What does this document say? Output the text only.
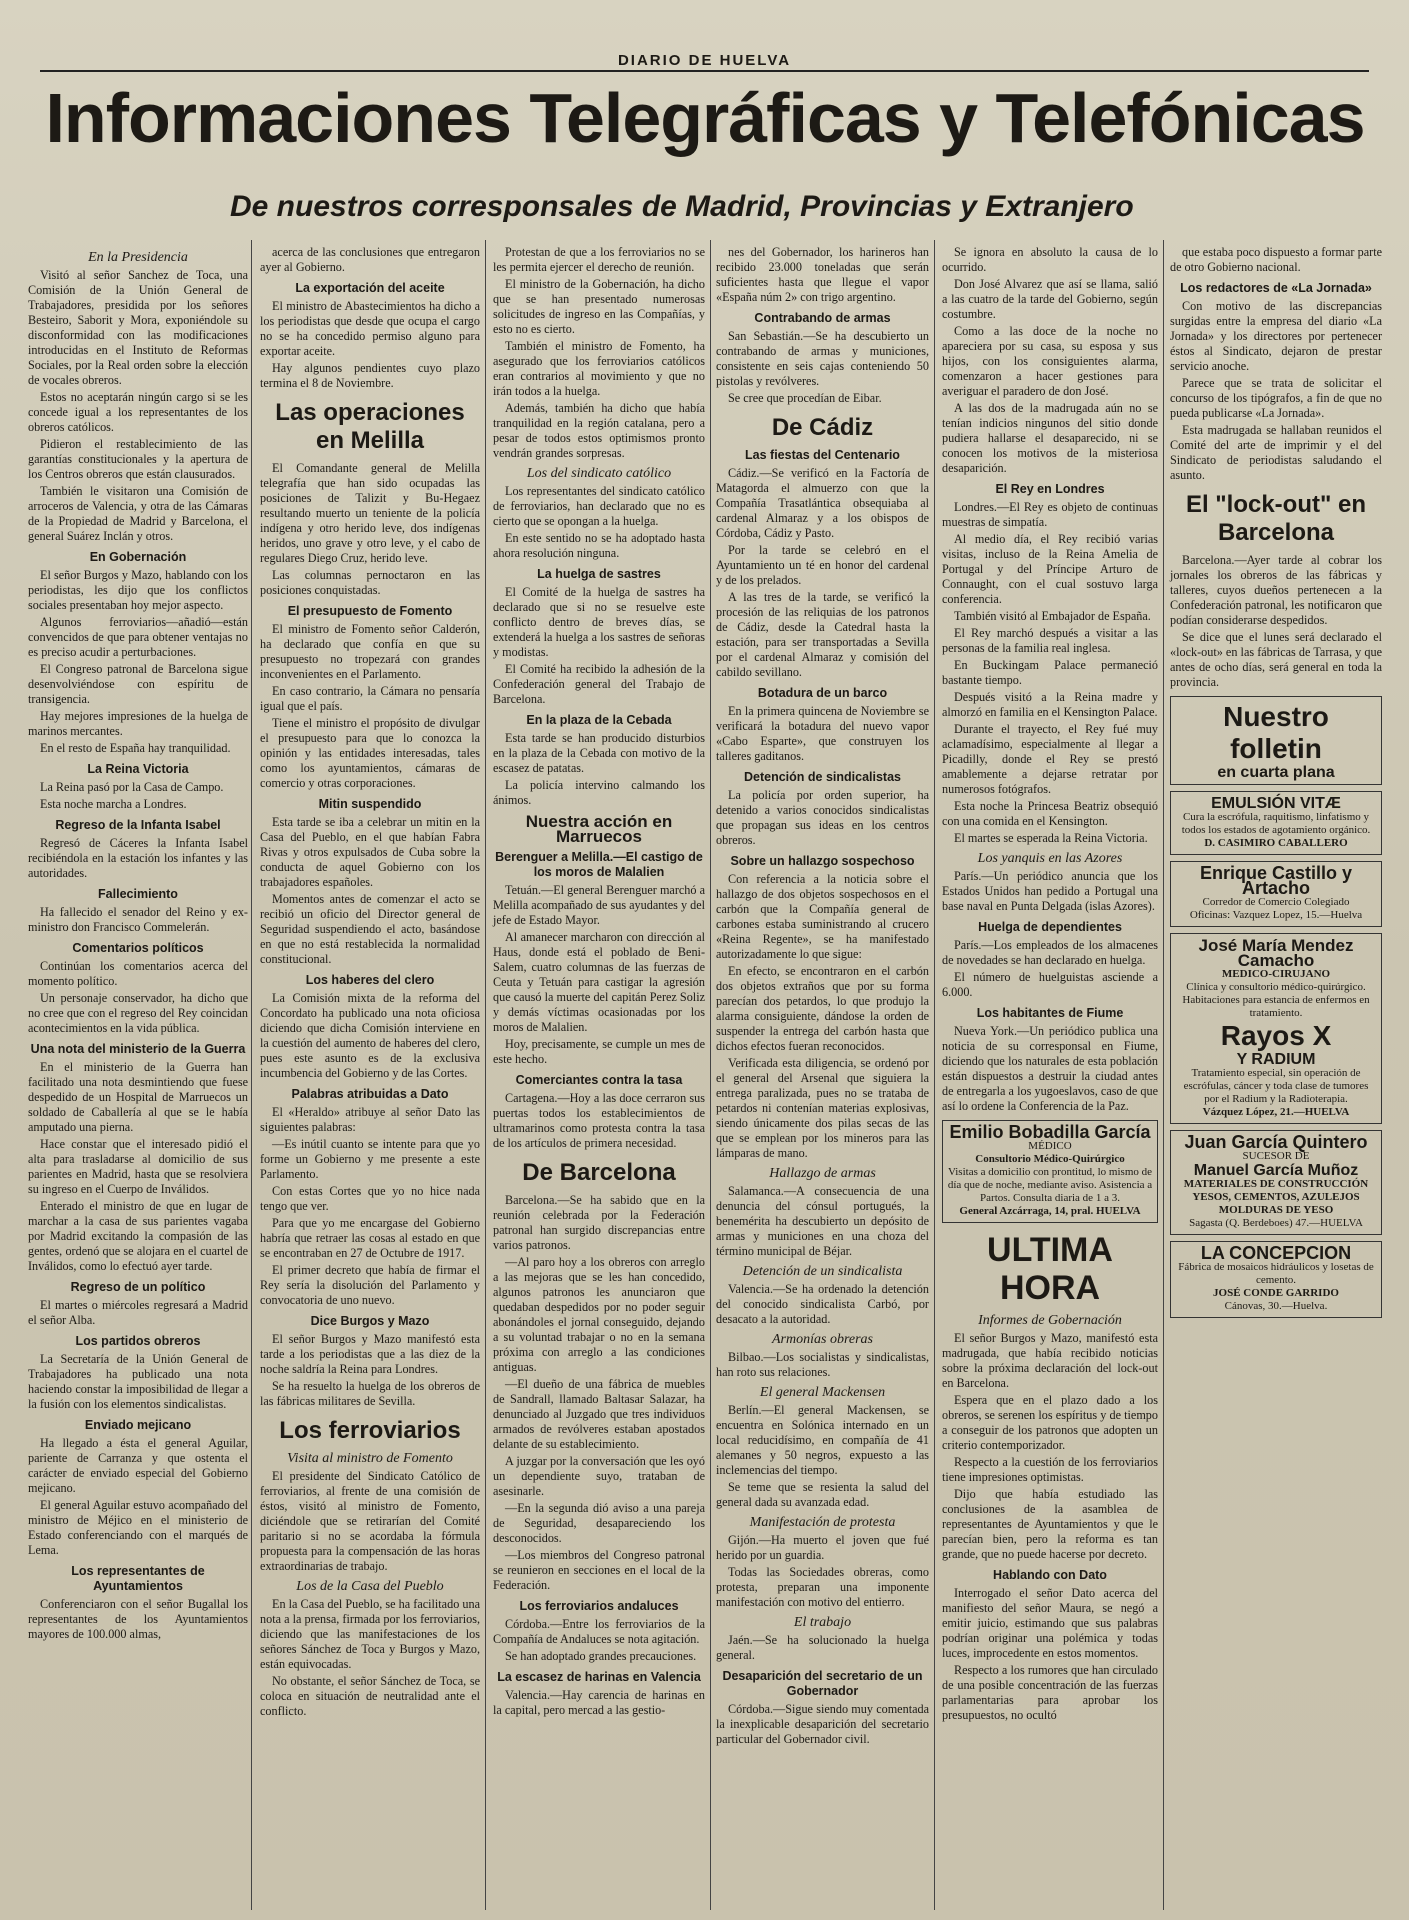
DIARIO DE HUELVA
Informaciones Telegráficas y Telefónicas
De nuestros corresponsales de Madrid, Provincias y Extranjero
En la Presidencia

Visitó al señor Sanchez de Toca, una Comisión de la Unión General de Trabajadores, presidida por los señores Besteiro, Saborit y Mora, exponiéndole su disconformidad con las modificaciones introducidas en el Instituto de Reformas Sociales, por la Real orden sobre la elección de vocales obreros.

Estos no aceptarán ningún cargo si se les concede igual a los representantes de los obreros católicos.

Pidieron el restablecimiento de las garantías constitucionales y la apertura de los Centros obreros que están clausurados.

También le visitaron una Comisión de arroceros de Valencia, y otra de las Cámaras de la Propiedad de Madrid y Barcelona, el general Suárez Inclán y otros.

En Gobernación

El señor Burgos y Mazo, hablando con los periodistas, les dijo que los conflictos sociales presentaban hoy mejor aspecto.

Algunos ferroviarios—añadió—están convencidos de que para obtener ventajas no es preciso acudir a perturbaciones.

El Congreso patronal de Barcelona sigue desenvolviéndose con espíritu de transigencia.

Hay mejores impresiones de la huelga de marinos mercantes.

En el resto de España hay tranquilidad.

La Reina Victoria

La Reina pasó por la Casa de Campo.

Esta noche marcha a Londres.

Regreso de la Infanta Isabel

Regresó de Cáceres la Infanta Isabel recibiéndola en la estación los infantes y las autoridades.

Fallecimiento

Ha fallecido el senador del Reino y ex-ministro don Francisco Commelerán.

Comentarios políticos

Continúan los comentarios acerca del momento político.

Un personaje conservador, ha dicho que no cree que con el regreso del Rey coincidan acontecimientos en la vida pública.

Una nota del ministerio de la Guerra

En el ministerio de la Guerra han facilitado una nota desmintiendo que fuese despedido de un Hospital de Marruecos un soldado de Caballería al que se le había amputado una pierna.

Hace constar que el interesado pidió el alta para trasladarse al domicilio de sus parientes en Madrid, hasta que se resolviera su ingreso en el Cuerpo de Inválidos.

Enterado el ministro de que en lugar de marchar a la casa de sus parientes vagaba por Madrid excitando la compasión de las gentes, ordenó que se alojara en el cuartel de Inválidos, como lo efectuó ayer tarde.

Regreso de un político

El martes o miércoles regresará a Madrid el señor Alba.

Los partidos obreros

La Secretaría de la Unión General de Trabajadores ha publicado una nota haciendo constar la imposibilidad de llegar a la fusión con los elementos sindicalistas.

Enviado mejicano

Ha llegado a ésta el general Aguilar, pariente de Carranza y que ostenta el carácter de enviado especial del Gobierno mejicano.

El general Aguilar estuvo acompañado del ministro de Méjico en el ministerio de Estado conferenciando con el marqués de Lema.

Los representantes de Ayuntamientos

Conferenciaron con el señor Bugallal los representantes de los Ayuntamientos mayores de 100.000 almas,

acerca de las conclusiones que entregaron ayer al Gobierno.

La exportación del aceite

El ministro de Abastecimientos ha dicho a los periodistas que desde que ocupa el cargo no se ha concedido permiso alguno para exportar aceite.

Hay algunos pendientes cuyo plazo termina el 8 de Noviembre.

Las operaciones en Melilla

El Comandante general de Melilla telegrafía que han sido ocupadas las posiciones de Talizit y Bu-Hegaez resultando muerto un teniente de la policía indígena y otro herido leve, dos indígenas heridos, uno grave y otro leve, y el cabo de regulares Diego Cruz, herido leve.

Las columnas pernoctaron en las posiciones conquistadas.

El presupuesto de Fomento

El ministro de Fomento señor Calderón, ha declarado que confía en que su presupuesto no tropezará con grandes inconvenientes en el Parlamento.

En caso contrario, la Cámara no pensaría igual que el país.

Tiene el ministro el propósito de divulgar el presupuesto para que lo conozca la opinión y las entidades interesadas, tales como los ayuntamientos, cámaras de comercio y otras corporaciones.

Mitin suspendido

Esta tarde se iba a celebrar un mitin en la Casa del Pueblo, en el que habían Fabra Rivas y otros expulsados de Cuba sobre la conducta de aquel Gobierno con los trabajadores españoles.

Momentos antes de comenzar el acto se recibió un oficio del Director general de Seguridad suspendiendo el acto, basándose en que no está restablecida la normalidad constitucional.

Los haberes del clero

La Comisión mixta de la reforma del Concordato ha publicado una nota oficiosa diciendo que dicha Comisión interviene en la cuestión del aumento de haberes del clero, pues este asunto es de la exclusiva incumbencia del Gobierno y de las Cortes.

Palabras atribuidas a Dato

El «Heraldo» atribuye al señor Dato las siguientes palabras:

—Es inútil cuanto se intente para que yo forme un Gobierno y me presente a este Parlamento.

Con estas Cortes que yo no hice nada tengo que ver.

Para que yo me encargase del Gobierno habría que retraer las cosas al estado en que se encontraban en 27 de Octubre de 1917.

El primer decreto que había de firmar el Rey sería la disolución del Parlamento y convocatoria de uno nuevo.

Dice Burgos y Mazo

El señor Burgos y Mazo manifestó esta tarde a los periodistas que a las diez de la noche saldría la Reina para Londres.

Se ha resuelto la huelga de los obreros de las fábricas militares de Sevilla.

Los ferroviarios
Visita al ministro de Fomento

El presidente del Sindicato Católico de ferroviarios, al frente de una comisión de éstos, visitó al ministro de Fomento, diciéndole que se retirarían del Comité paritario si no se acordaba la fórmula propuesta para la compensación de las horas extraordinarias de trabajo.

Los de la Casa del Pueblo

En la Casa del Pueblo, se ha facilitado una nota a la prensa, firmada por los ferroviarios, diciendo que las manifestaciones de los señores Sánchez de Toca y Burgos y Mazo, están equivocadas.

No obstante, el señor Sánchez de Toca, se coloca en situación de neutralidad ante el conflicto.

Protestan de que a los ferroviarios no se les permita ejercer el derecho de reunión.

El ministro de la Gobernación, ha dicho que se han presentado numerosas solicitudes de ingreso en las Compañías, y esto no es cierto.

También el ministro de Fomento, ha asegurado que los ferroviarios católicos eran contrarios al movimiento y que no irán todos a la huelga.

Además, también ha dicho que había tranquilidad en la región catalana, pero a pesar de todos estos optimismos pronto vendrán grandes sorpresas.

Los del sindicato católico

Los representantes del sindicato católico de ferroviarios, han declarado que no es cierto que se opongan a la huelga.

En este sentido no se ha adoptado hasta ahora resolución ninguna.

La huelga de sastres

El Comité de la huelga de sastres ha declarado que si no se resuelve este conflicto dentro de breves días, se extenderá la huelga a los sastres de señoras y modistas.

El Comité ha recibido la adhesión de la Confederación general del Trabajo de Barcelona.

En la plaza de la Cebada

Esta tarde se han producido disturbios en la plaza de la Cebada con motivo de la escasez de patatas.

La policía intervino calmando los ánimos.

Nuestra acción en Marruecos
Berenguer a Melilla.—El castigo de los moros de Malalien

Tetuán.—El general Berenguer marchó a Melilla acompañado de sus ayudantes y del jefe de Estado Mayor.

Al amanecer marcharon con dirección al Haus, donde está el poblado de Beni-Salem, cuatro columnas de las fuerzas de Ceuta y Tetuán para castigar la agresión que causó la muerte del capitán Perez Soliz y demás víctimas ocasionadas por los moros de Malalien.

Hoy, precisamente, se cumple un mes de este hecho.

Comerciantes contra la tasa

Cartagena.—Hoy a las doce cerraron sus puertas todos los establecimientos de ultramarinos como protesta contra la tasa de los artículos de primera necesidad.

De Barcelona

Barcelona.—Se ha sabido que en la reunión celebrada por la Federación patronal han surgido discrepancias entre varios patronos.

—Al paro hoy a los obreros con arreglo a las mejoras que se les han concedido, algunos patronos les anunciaron que quedaban despedidos por no poder seguir abonándoles el jornal conseguido, dejando a su voluntad trabajar o no en la semana próxima con arreglo a las condiciones antiguas.

—El dueño de una fábrica de muebles de Sandrall, llamado Baltasar Salazar, ha denunciado al Juzgado que tres individuos armados de revólveres estaban apostados delante de su establecimiento.

A juzgar por la conversación que les oyó un dependiente suyo, trataban de asesinarle.

—En la segunda dió aviso a una pareja de Seguridad, desapareciendo los desconocidos.

—Los miembros del Congreso patronal se reunieron en secciones en el local de la Federación.

Los ferroviarios andaluces

Córdoba.—Entre los ferroviarios de la Compañía de Andaluces se nota agitación.

Se han adoptado grandes precauciones.

La escasez de harinas en Valencia

Valencia.—Hay carencia de harinas en la capital, pero mercad a las gestio-

nes del Gobernador, los harineros han recibido 23.000 toneladas que serán suficientes hasta que llegue el vapor «España núm 2» con trigo argentino.

Contrabando de armas

San Sebastián.—Se ha descubierto un contrabando de armas y municiones, consistente en seis cajas conteniendo 50 pistolas y revólveres.

Se cree que procedían de Eibar.

De Cádiz
Las fiestas del Centenario

Cádiz.—Se verificó en la Factoría de Matagorda el almuerzo con que la Compañía Trasatlántica obsequiaba al cardenal Almaraz y a los obispos de Córdoba, Cádiz y Pasto.

Por la tarde se celebró en el Ayuntamiento un té en honor del cardenal y de los prelados.

A las tres de la tarde, se verificó la procesión de las reliquias de los patronos de Cádiz, desde la Catedral hasta la estación, para ser transportadas a Sevilla por el cardenal Almaraz y comisión del cabildo sevillano.

Botadura de un barco

En la primera quincena de Noviembre se verificará la botadura del nuevo vapor «Cabo Esparte», que construyen los talleres gaditanos.

Detención de sindicalistas

La policía por orden superior, ha detenido a varios conocidos sindicalistas que propagan sus ideas en los centros obreros.

Sobre un hallazgo sospechoso

Con referencia a la noticia sobre el hallazgo de dos objetos sospechosos en el carbón que la Compañía general de carbones estaba suministrando al crucero «Reina Regente», se ha manifestado autorizadamente lo que sigue:

En efecto, se encontraron en el carbón dos objetos extraños que por su forma parecían dos petardos, lo que produjo la alarma consiguiente, dándose la orden de suspender la entrega del carbón hasta que dichos efectos fueran reconocidos.

Verificada esta diligencia, se ordenó por el general del Arsenal que siguiera la entrega paralizada, pues no se trataba de petardos ni contenían materias explosivas, siendo únicamente dos pilas secas de las que se emplean por los mineros para las lámparas de mano.

Hallazgo de armas

Salamanca.—A consecuencia de una denuncia del cónsul portugués, la benemérita ha descubierto un depósito de armas y municiones en una choza del término municipal de Béjar.

Detención de un sindicalista

Valencia.—Se ha ordenado la detención del conocido sindicalista Carbó, por desacato a la autoridad.

Armonías obreras

Bilbao.—Los socialistas y sindicalistas, han roto sus relaciones.

El general Mackensen

Berlín.—El general Mackensen, se encuentra en Solónica internado en un local reducidísimo, en compañía de 41 alemanes y 50 negros, expuesto a las inclemencias del tiempo.

Se teme que se resienta la salud del general dada su avanzada edad.

Manifestación de protesta

Gijón.—Ha muerto el joven que fué herido por un guardia.

Todas las Sociedades obreras, como protesta, preparan una imponente manifestación con motivo del entierro.

El trabajo

Jaén.—Se ha solucionado la huelga general.

Desaparición del secretario de un Gobernador

Córdoba.—Sigue siendo muy comentada la inexplicable desaparición del secretario particular del Gobernador civil.

Se ignora en absoluto la causa de lo ocurrido.

Don José Alvarez que así se llama, salió a las cuatro de la tarde del Gobierno, según costumbre.

Como a las doce de la noche no apareciera por su casa, su esposa y sus hijos, con los consiguientes alarma, comenzaron a hacer gestiones para averiguar el paradero de don José.

A las dos de la madrugada aún no se tenían indicios ningunos del sitio donde pudiera hallarse el desaparecido, ni se conocen los motivos de la misteriosa desaparición.

El Rey en Londres

Londres.—El Rey es objeto de continuas muestras de simpatía.

Al medio día, el Rey recibió varias visitas, incluso de la Reina Amelia de Portugal y del Príncipe Arturo de Connaught, con el cual sostuvo larga conferencia.

También visitó al Embajador de España.

El Rey marchó después a visitar a las personas de la familia real inglesa.

En Buckingam Palace permaneció bastante tiempo.

Después visitó a la Reina madre y almorzó en familia en el Kensington Palace.

Durante el trayecto, el Rey fué muy aclamadísimo, especialmente al llegar a Picadilly, donde el Rey se prestó amablemente a dejarse retratar por numerosos fotógrafos.

Esta noche la Princesa Beatriz obsequió con una comida en el Kensington.

El martes se esperada la Reina Victoria.

Los yanquis en las Azores

París.—Un periódico anuncia que los Estados Unidos han pedido a Portugal una base naval en Punta Delgada (islas Azores).

Huelga de dependientes

París.—Los empleados de los almacenes de novedades se han declarado en huelga.

El número de huelguistas asciende a 6.000.

Los habitantes de Fiume

Nueva York.—Un periódico publica una noticia de su corresponsal en Fiume, diciendo que los naturales de esta población están dispuestos a destruir la ciudad antes de entregarla a los yugoeslavos, caso de que así lo ordene la Conferencia de la Paz.

Emilio Bobadilla García
MÉDICO
Consultorio Médico-Quirúrgico
Visitas a domicilio con prontitud, lo mismo de día que de noche, mediante aviso. Asistencia a Partos. Consulta diaria de 1 a 3.
General Azcárraga, 14, pral. HUELVA
ULTIMA HORA
Informes de Gobernación

El señor Burgos y Mazo, manifestó esta madrugada, que había recibido noticias sobre la próxima declaración del lock-out en Barcelona.

Espera que en el plazo dado a los obreros, se serenen los espíritus y de tiempo a conseguir de los patronos que adopten un criterio contemporizador.

Respecto a la cuestión de los ferroviarios tiene impresiones optimistas.

Dijo que había estudiado las conclusiones de la asamblea de representantes de Ayuntamientos y que le parecían bien, pero la reforma es tan grande, que no puede hacerse por decreto.

Hablando con Dato

Interrogado el señor Dato acerca del manifiesto del señor Maura, se negó a emitir juicio, estimando que sus palabras podrían originar una polémica y todas luces, improcedente en estos momentos.

Respecto a los rumores que han circulado de una posible concentración de las fuerzas parlamentarias para aprobar los presupuestos, no ocultó

que estaba poco dispuesto a formar parte de otro Gobierno nacional.

Los redactores de «La Jornada»

Con motivo de las discrepancias surgidas entre la empresa del diario «La Jornada» y los directores por pertenecer éstos al Sindicato, dejaron de prestar servicio anoche.

Parece que se trata de solicitar el concurso de los tipógrafos, a fin de que no pueda publicarse «La Jornada».

Esta madrugada se hallaban reunidos el Comité del arte de imprimir y el del Sindicato de periodistas saludando el asunto.

El "lock-out" en Barcelona

Barcelona.—Ayer tarde al cobrar los jornales los obreros de las fábricas y talleres, cuyos dueños pertenecen a la Confederación patronal, les notificaron que podían considerarse despedidos.

Se dice que el lunes será declarado el «lock-out» en las fábricas de Tarrasa, y que antes de ocho días, será general en toda la provincia.

Nuestro folletin
en cuarta plana
EMULSIÓN VITÆ
Cura la escrófula, raquitismo, linfatismo y todos los estados de agotamiento orgánico.
D. CASIMIRO CABALLERO
Enrique Castillo y Artacho
Corredor de Comercio Colegiado
Oficinas: Vazquez Lopez, 15.—Huelva
José María Mendez Camacho
MEDICO-CIRUJANO
Clínica y consultorio médico-quirúrgico. Habitaciones para estancia de enfermos en tratamiento.
Rayos X
Y RADIUM
Tratamiento especial, sin operación de escrófulas, cáncer y toda clase de tumores por el Radium y la Radioterapia.
Vázquez López, 21.—HUELVA
Juan García Quintero
SUCESOR DE
Manuel García Muñoz
MATERIALES DE CONSTRUCCIÓN YESOS, CEMENTOS, AZULEJOS MOLDURAS DE YESO
Sagasta (Q. Berdeboes) 47.—HUELVA
LA CONCEPCION
Fábrica de mosaicos hidráulicos y losetas de cemento.
JOSÉ CONDE GARRIDO
Cánovas, 30.—Huelva.
